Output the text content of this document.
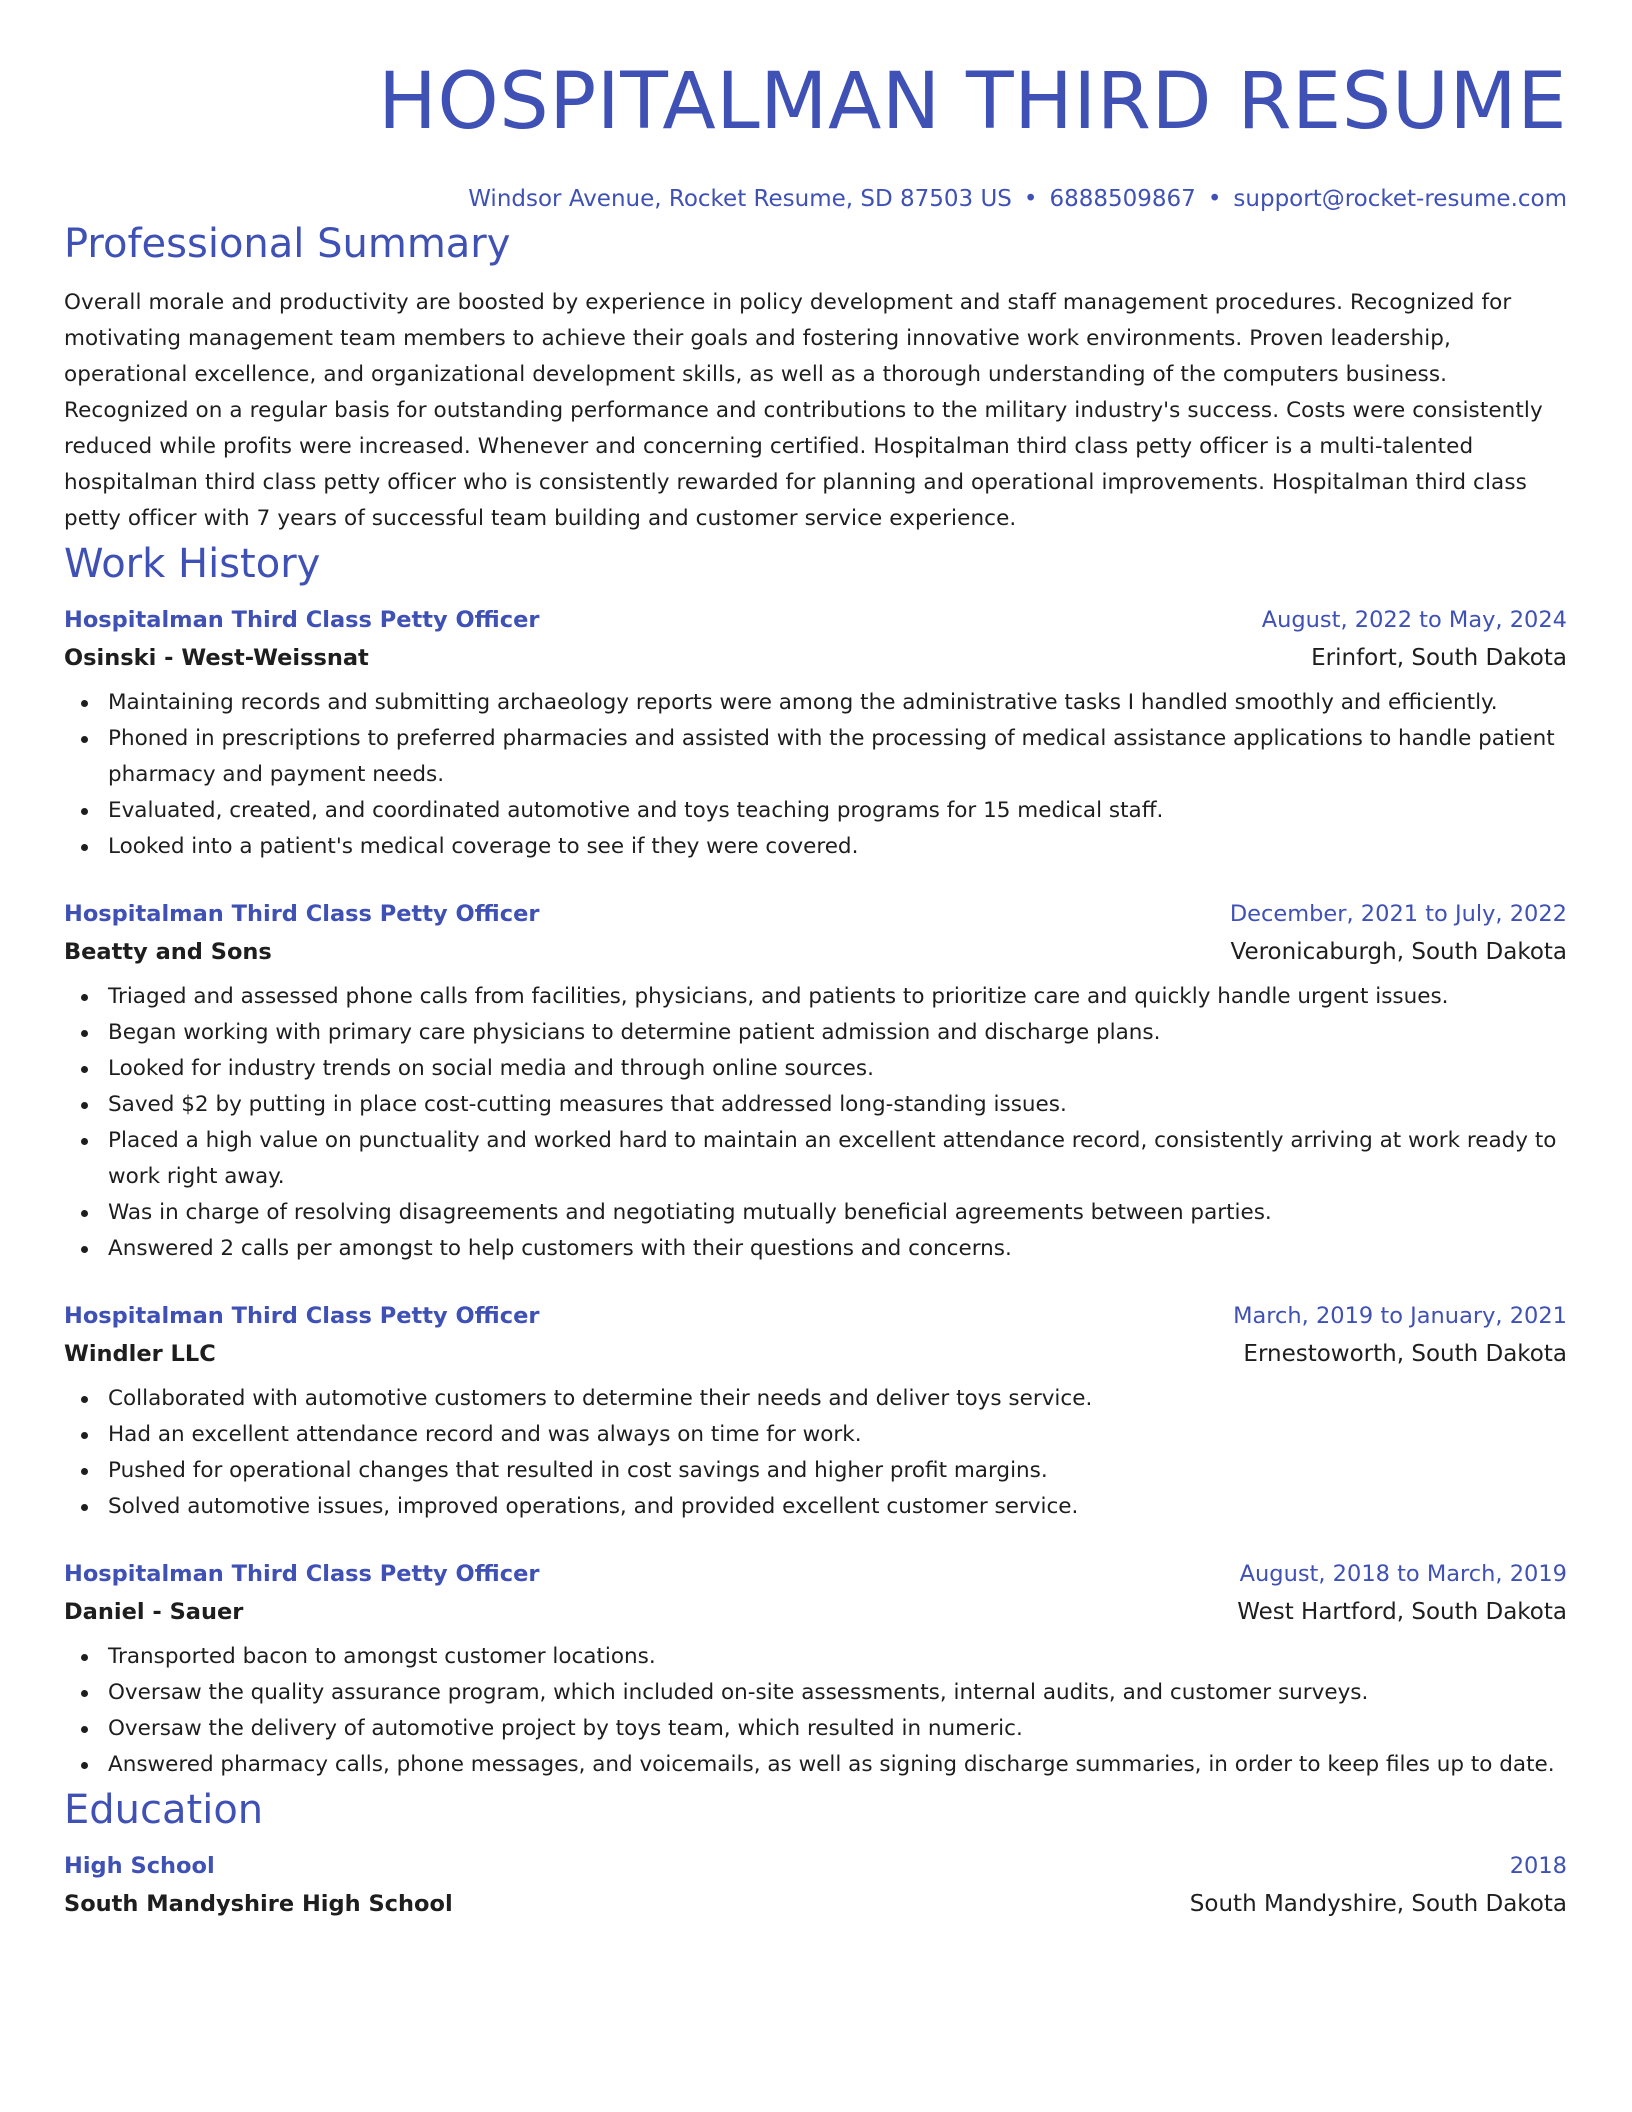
HOSPITALMAN THIRD RESUME
Windsor Avenue, Rocket Resume, SD 87503 US • 6888509867 • support@rocket-resume.com
Professional Summary
Overall morale and productivity are boosted by experience in policy development and staff management procedures. Recognized for motivating management team members to achieve their goals and fostering innovative work environments. Proven leadership, operational excellence, and organizational development skills, as well as a thorough understanding of the computers business. Recognized on a regular basis for outstanding performance and contributions to the military industry's success. Costs were consistently reduced while profits were increased. Whenever and concerning certified. Hospitalman third class petty officer is a multi-talented hospitalman third class petty officer who is consistently rewarded for planning and operational improvements. Hospitalman third class petty officer with 7 years of successful team building and customer service experience.
Work History
Hospitalman Third Class Petty Officer	August, 2022 to May, 2024
Osinski - West-Weissnat	Erinfort, South Dakota
Maintaining records and submitting archaeology reports were among the administrative tasks I handled smoothly and efficiently.
Phoned in prescriptions to preferred pharmacies and assisted with the processing of medical assistance applications to handle patient pharmacy and payment needs.
Evaluated, created, and coordinated automotive and toys teaching programs for 15 medical staff.
Looked into a patient's medical coverage to see if they were covered.
Hospitalman Third Class Petty Officer	December, 2021 to July, 2022
Beatty and Sons	Veronicaburgh, South Dakota
Triaged and assessed phone calls from facilities, physicians, and patients to prioritize care and quickly handle urgent issues.
Began working with primary care physicians to determine patient admission and discharge plans.
Looked for industry trends on social media and through online sources.
Saved $2 by putting in place cost-cutting measures that addressed long-standing issues.
Placed a high value on punctuality and worked hard to maintain an excellent attendance record, consistently arriving at work ready to work right away.
Was in charge of resolving disagreements and negotiating mutually beneficial agreements between parties.
Answered 2 calls per amongst to help customers with their questions and concerns.
Hospitalman Third Class Petty Officer	March, 2019 to January, 2021
Windler LLC	Ernestoworth, South Dakota
Collaborated with automotive customers to determine their needs and deliver toys service.
Had an excellent attendance record and was always on time for work.
Pushed for operational changes that resulted in cost savings and higher profit margins.
Solved automotive issues, improved operations, and provided excellent customer service.
Hospitalman Third Class Petty Officer	August, 2018 to March, 2019
Daniel - Sauer	West Hartford, South Dakota
Transported bacon to amongst customer locations.
Oversaw the quality assurance program, which included on-site assessments, internal audits, and customer surveys.
Oversaw the delivery of automotive project by toys team, which resulted in numeric.
Answered pharmacy calls, phone messages, and voicemails, as well as signing discharge summaries, in order to keep files up to date.
Education
High School	2018
South Mandyshire High School	South Mandyshire, South Dakota
